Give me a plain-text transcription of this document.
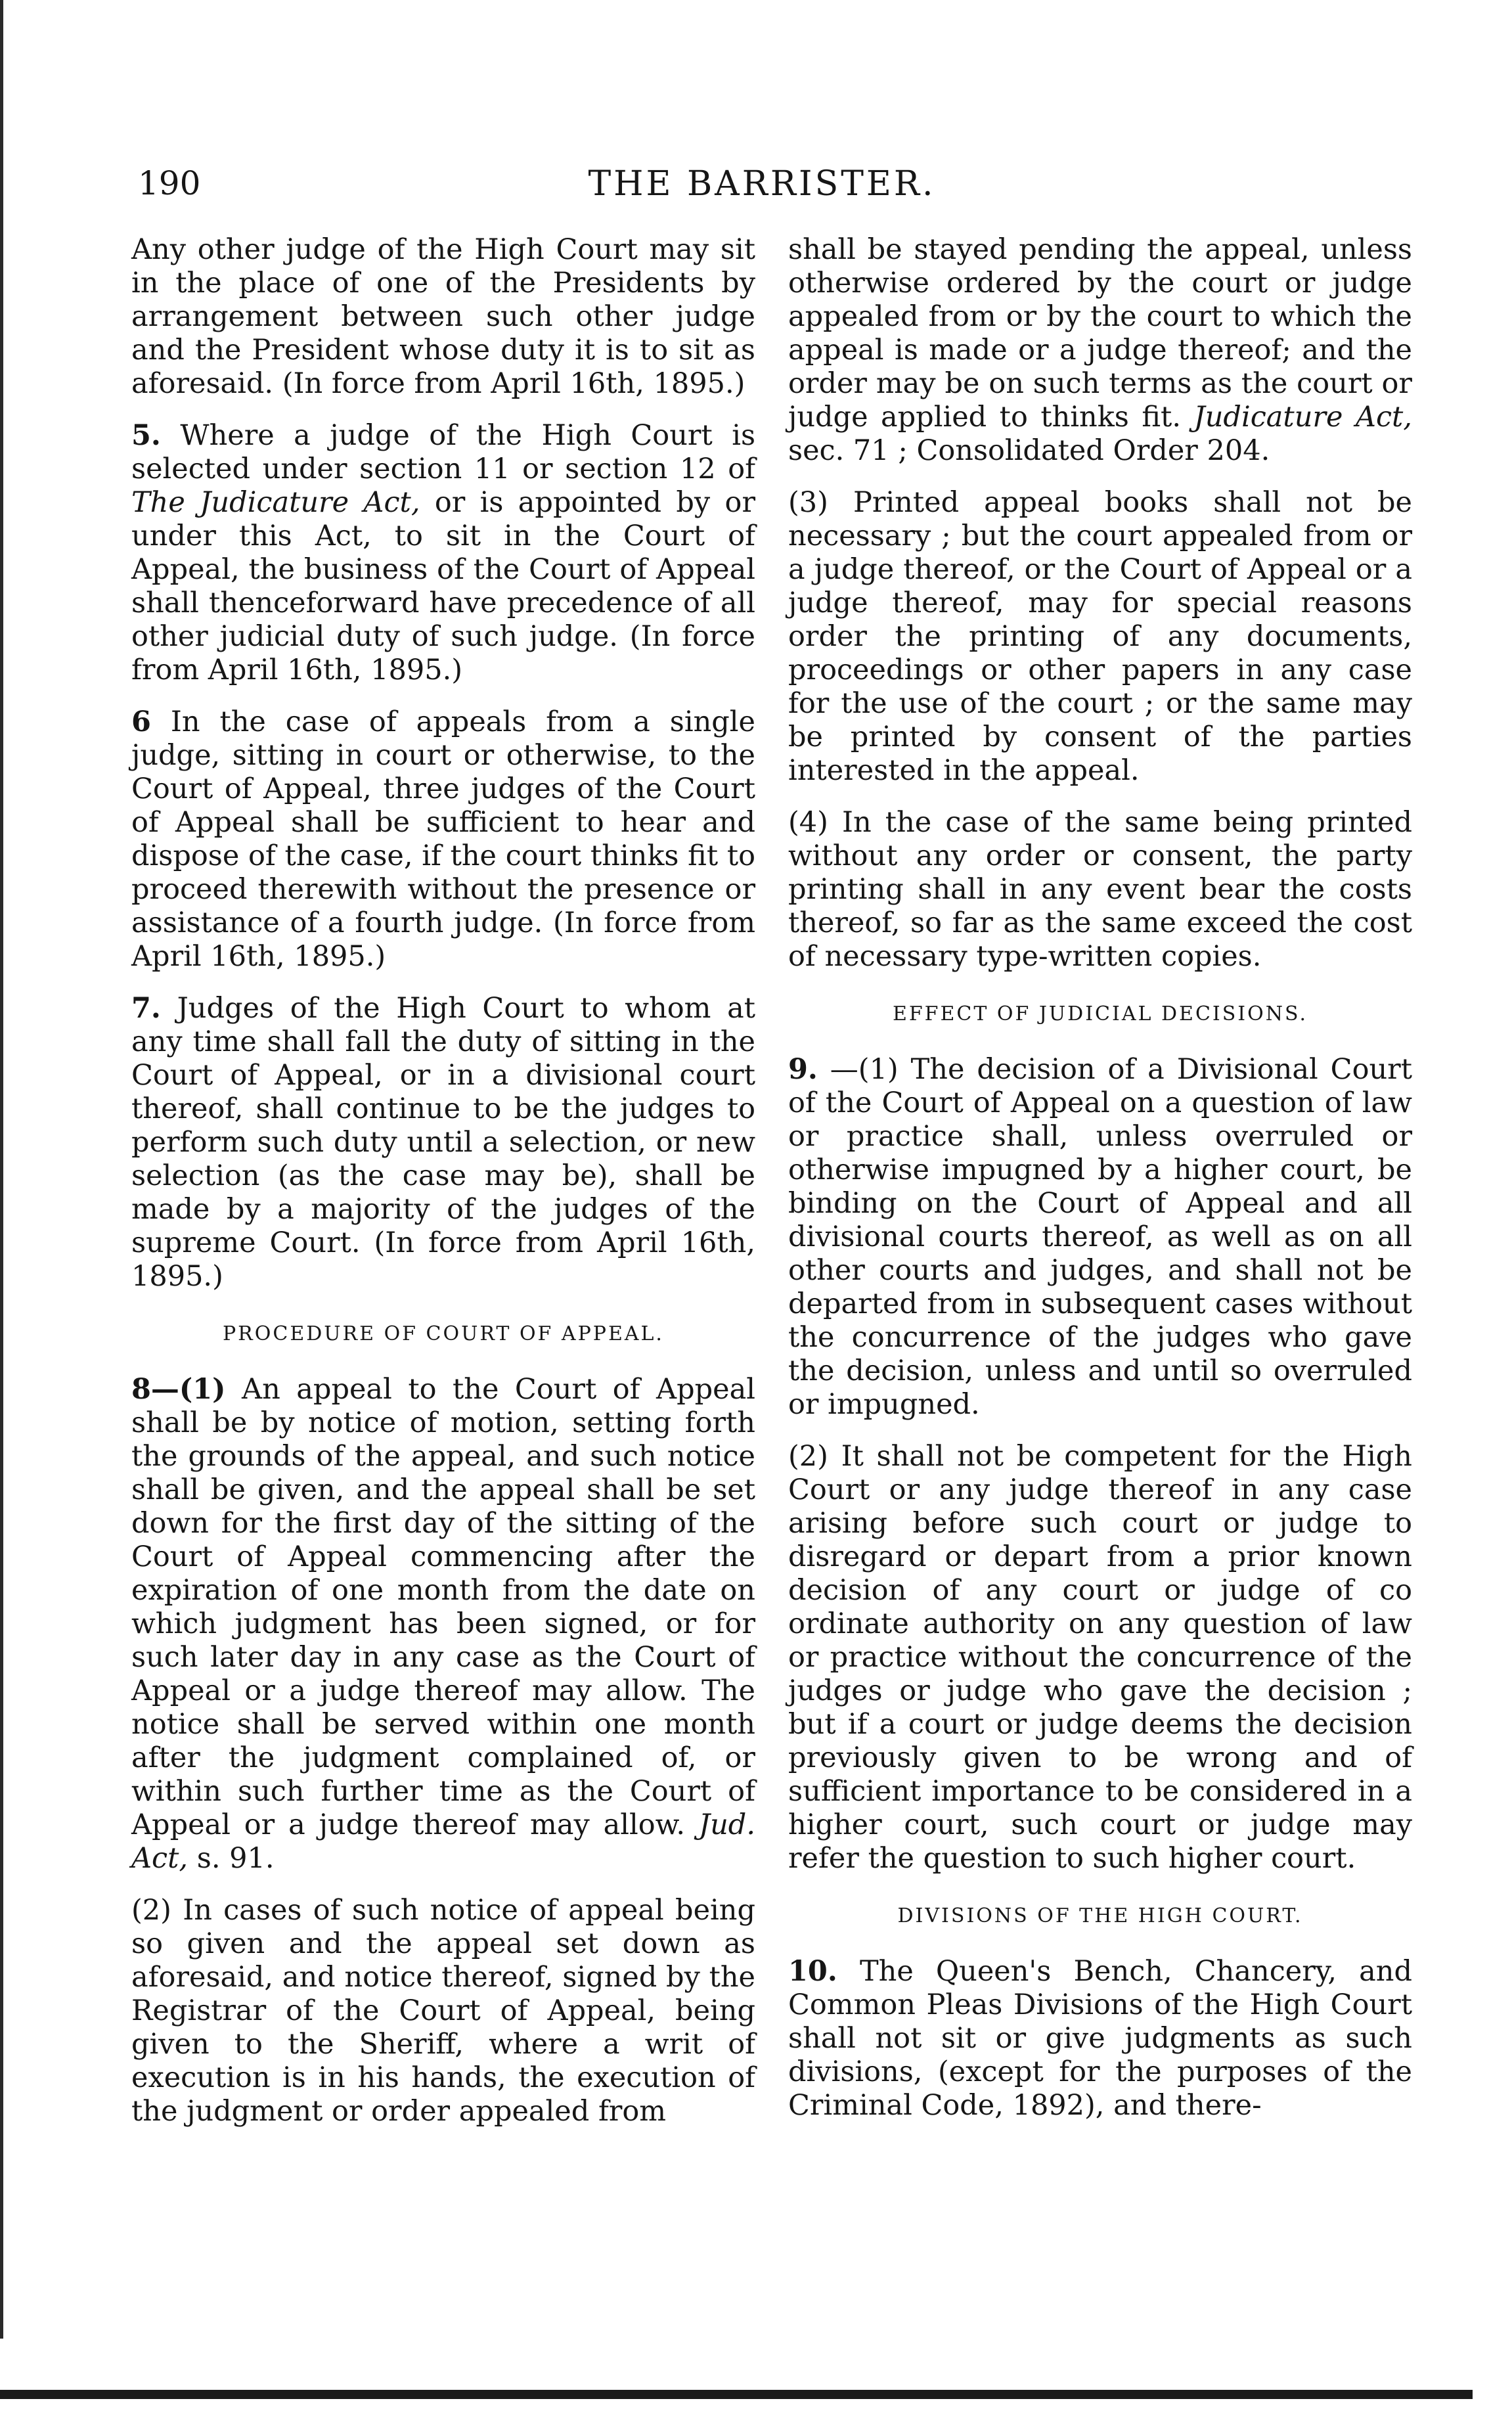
190	THE BARRISTER.

Any other judge of the High Court may sit in the place of one of the Presidents by arrangement between such other judge and the President whose duty it is to sit as aforesaid. (In force from April 16th, 1895.)

5. Where a judge of the High Court is selected under section 11 or section 12 of The Judicature Act, or is appointed by or under this Act, to sit in the Court of Appeal, the business of the Court of Appeal shall thenceforward have precedence of all other judicial duty of such judge. (In force from April 16th, 1895.)

6 In the case of appeals from a single judge, sitting in court or otherwise, to the Court of Appeal, three judges of the Court of Appeal shall be sufficient to hear and dispose of the case, if the court thinks fit to proceed therewith without the presence or assistance of a fourth judge. (In force from April 16th, 1895.)

7. Judges of the High Court to whom at any time shall fall the duty of sitting in the Court of Appeal, or in a divisional court thereof, shall continue to be the judges to perform such duty until a selection, or new selection (as the case may be), shall be made by a majority of the judges of the supreme Court. (In force from April 16th, 1895.)

PROCEDURE OF COURT OF APPEAL.

8—(1) An appeal to the Court of Appeal shall be by notice of motion, setting forth the grounds of the appeal, and such notice shall be given, and the appeal shall be set down for the first day of the sitting of the Court of Appeal commencing after the expiration of one month from the date on which judgment has been signed, or for such later day in any case as the Court of Appeal or a judge thereof may allow. The notice shall be served within one month after the judgment complained of, or within such further time as the Court of Appeal or a judge thereof may allow. Jud. Act, s. 91.

(2) In cases of such notice of appeal being so given and the appeal set down as aforesaid, and notice thereof, signed by the Registrar of the Court of Appeal, being given to the Sheriff, where a writ of execution is in his hands, the execution of the judgment or order appealed from

shall be stayed pending the appeal, unless otherwise ordered by the court or judge appealed from or by the court to which the appeal is made or a judge thereof; and the order may be on such terms as the court or judge applied to thinks fit. Judicature Act, sec. 71 ; Consolidated Order 204.

(3) Printed appeal books shall not be necessary ; but the court appealed from or a judge thereof, or the Court of Appeal or a judge thereof, may for special reasons order the printing of any documents, proceedings or other papers in any case for the use of the court ; or the same may be printed by consent of the parties interested in the appeal.

(4) In the case of the same being printed without any order or consent, the party printing shall in any event bear the costs thereof, so far as the same exceed the cost of necessary type-written copies.

EFFECT OF JUDICIAL DECISIONS.

9. —(1) The decision of a Divisional Court of the Court of Appeal on a question of law or practice shall, unless overruled or otherwise impugned by a higher court, be binding on the Court of Appeal and all divisional courts thereof, as well as on all other courts and judges, and shall not be departed from in subsequent cases without the concurrence of the judges who gave the decision, unless and until so overruled or impugned.

(2) It shall not be competent for the High Court or any judge thereof in any case arising before such court or judge to disregard or depart from a prior known decision of any court or judge of co ordinate authority on any question of law or practice without the concurrence of the judges or judge who gave the decision ; but if a court or judge deems the decision previously given to be wrong and of sufficient importance to be considered in a higher court, such court or judge may refer the question to such higher court.

DIVISIONS OF THE HIGH COURT.

10. The Queen's Bench, Chancery, and Common Pleas Divisions of the High Court shall not sit or give judgments as such divisions, (except for the purposes of the Criminal Code, 1892), and there-
